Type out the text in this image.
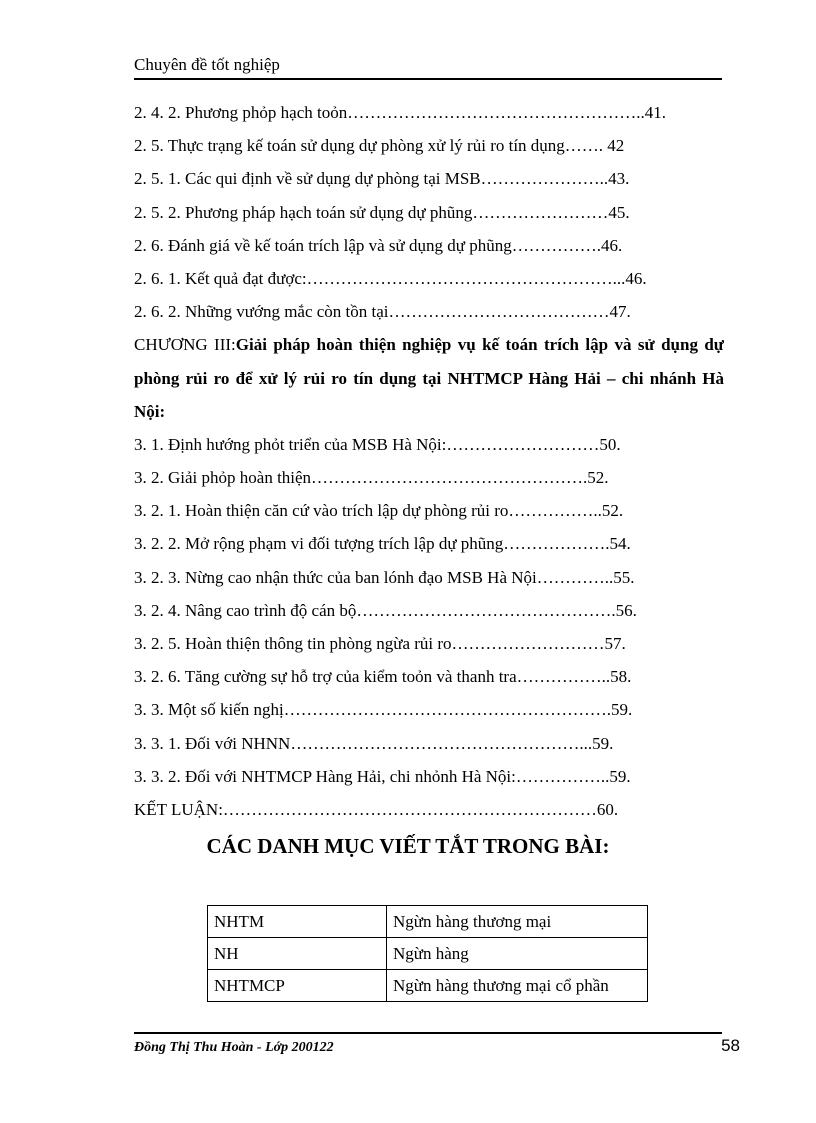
Chuyên đề tốt nghiệp
2. 4. 2. Phương phỏp hạch toỏn……………………………………………..41.
2. 5. Thực trạng kế toán sử dụng dự phòng xử lý rủi ro tín dụng……. 42
2. 5. 1. Các qui định về sử dụng dự phòng tại MSB…………………..43.
2. 5. 2. Phương pháp hạch toán sử dụng dự phũng……………………45.
2. 6. Đánh giá về kế toán trích lập và sử dụng dự phũng…………….46.
2. 6. 1. Kết quả đạt được:………………………………………………...46.
2. 6. 2. Những vướng mắc còn tồn tại…………………………………47.
CHƯƠNG III:Giải pháp hoàn thiện nghiệp vụ kế toán trích lập và sử dụng dự phòng rủi ro để xử lý rủi ro tín dụng tại NHTMCP Hàng Hải – chi nhánh Hà Nội:
3. 1. Định hướng phỏt triển của MSB Hà Nội:………………………50.
3. 2. Giải phỏp hoàn thiện………………………………………….52.
3. 2. 1. Hoàn thiện căn cứ vào trích lập dự phòng rủi ro……………..52.
3. 2. 2. Mở rộng phạm vi đối tượng trích lập dự phũng……………….54.
3. 2. 3. Nừng cao nhận thức của ban lónh đạo MSB Hà Nội…………..55.
3. 2. 4. Nâng cao trình độ cán bộ……………………………………….56.
3. 2. 5. Hoàn thiện thông tin phòng ngừa rủi ro………………………57.
3. 2. 6. Tăng cường sự hỗ trợ của kiểm toỏn và thanh tra……………..58.
3. 3. Một số kiến nghị………………………………………………….59.
3. 3. 1. Đối với NHNN……………………………………………...59.
3. 3. 2. Đối với NHTMCP Hàng Hải, chi nhỏnh Hà Nội:……………..59.
KẾT LUẬN:…………………………………………………………60.
CÁC DANH MỤC VIẾT TẮT TRONG BÀI:
NHTM	Ngừn hàng thương mại
NH	Ngừn hàng
NHTMCP	Ngừn hàng thương mại cổ phần
Đồng Thị Thu Hoàn - Lớp 200122	58
